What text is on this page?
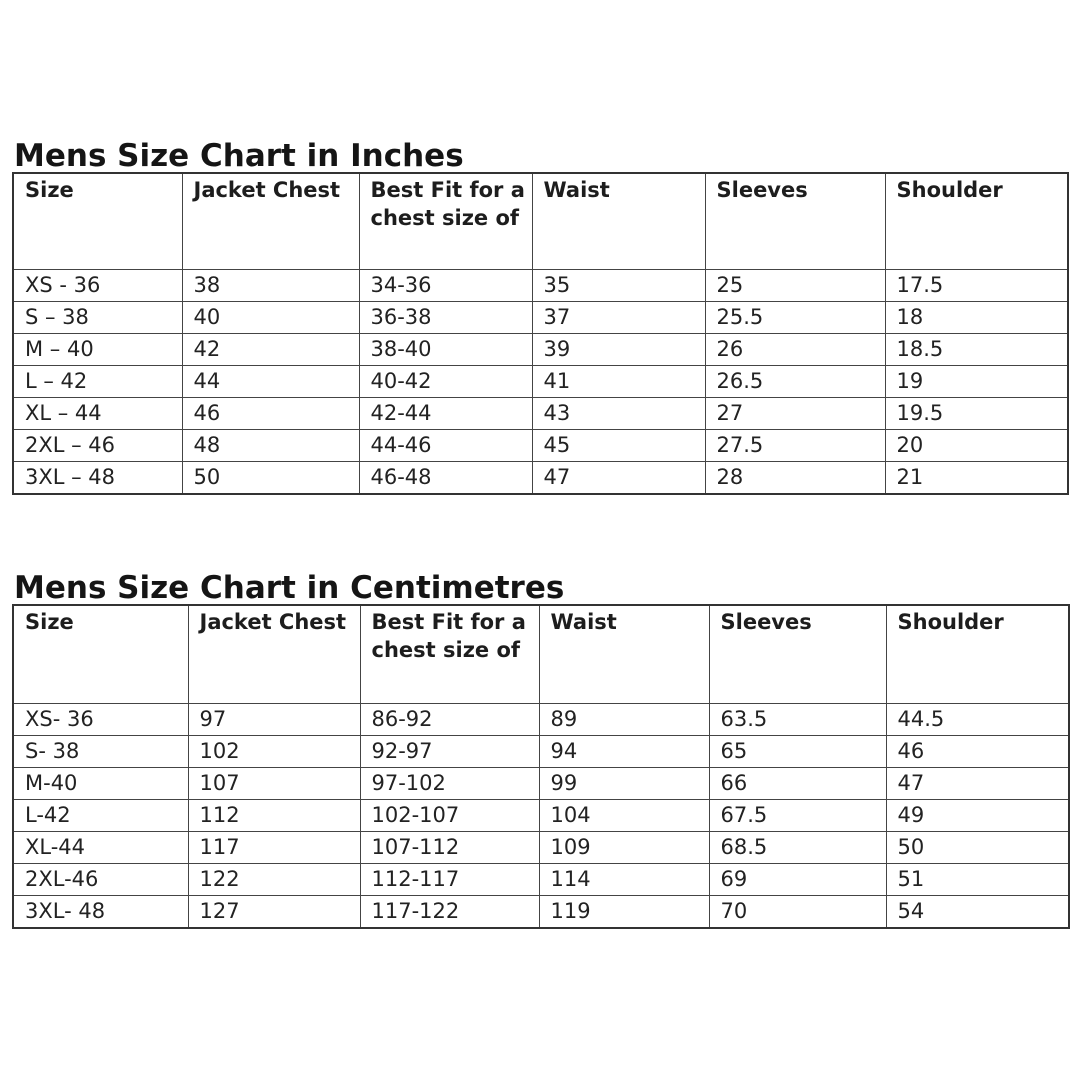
Mens Size Chart in Inches
Size	Jacket Chest	Best Fit for a chest size of	Waist	Sleeves	Shoulder
XS - 36	38	34-36	35	25	17.5
S – 38	40	36-38	37	25.5	18
M – 40	42	38-40	39	26	18.5
L – 42	44	40-42	41	26.5	19
XL – 44	46	42-44	43	27	19.5
2XL – 46	48	44-46	45	27.5	20
3XL – 48	50	46-48	47	28	21
Mens Size Chart in Centimetres
Size	Jacket Chest	Best Fit for a chest size of	Waist	Sleeves	Shoulder
XS- 36	97	86-92	89	63.5	44.5
S- 38	102	92-97	94	65	46
M-40	107	97-102	99	66	47
L-42	112	102-107	104	67.5	49
XL-44	117	107-112	109	68.5	50
2XL-46	122	112-117	114	69	51
3XL- 48	127	117-122	119	70	54
